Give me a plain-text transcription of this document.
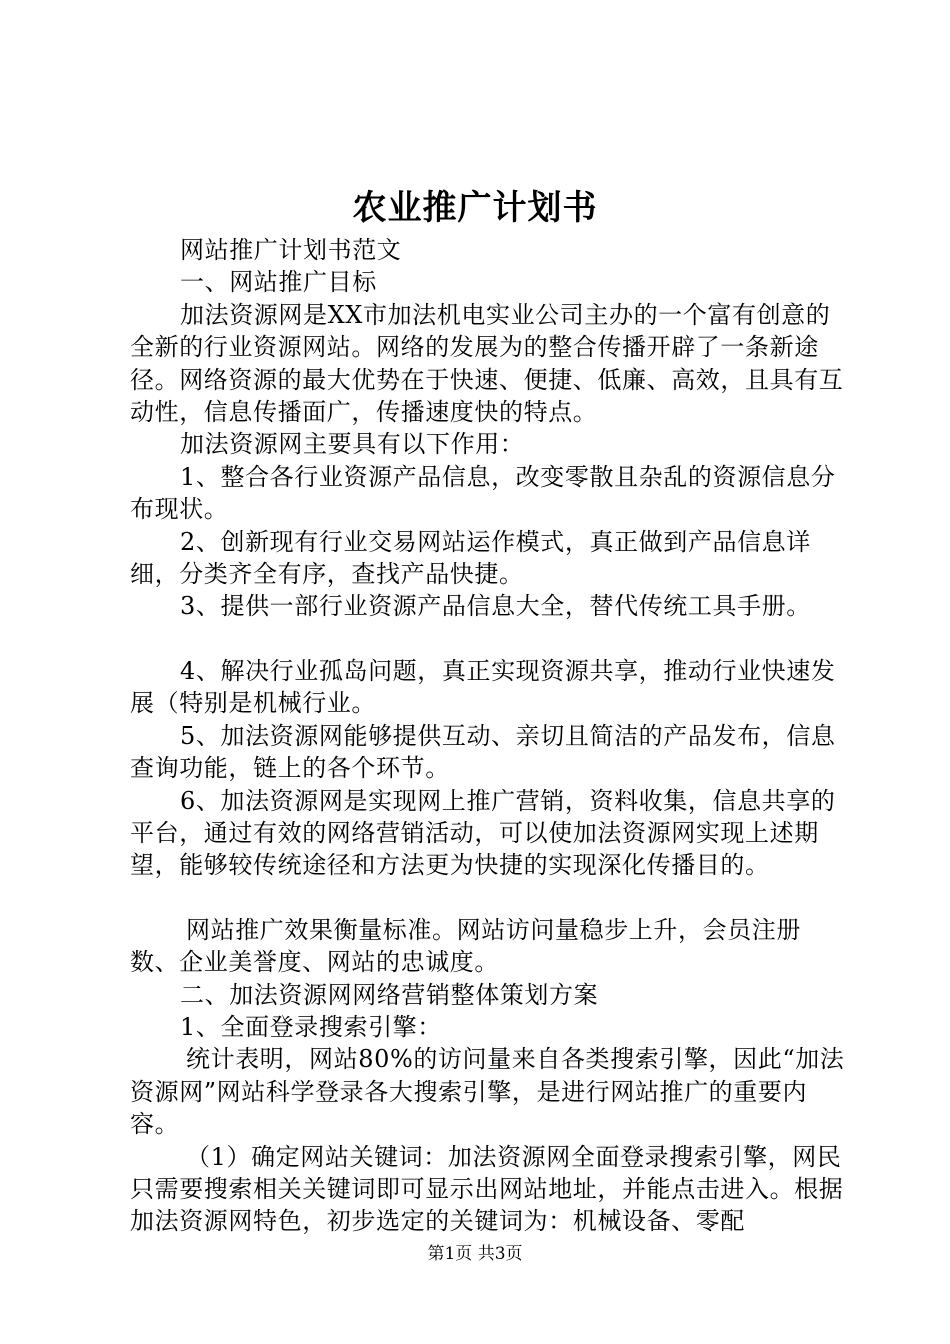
农业推广计划书

网站推广计划书范文

一、网站推广目标

加法资源网是XX市加法机电实业公司主办的一个富有创意的全新的行业资源网站。网络的发展为的整合传播开辟了一条新途径。网络资源的最大优势在于快速、便捷、低廉、高效，且具有互动性，信息传播面广，传播速度快的特点。

加法资源网主要具有以下作用：

1、整合各行业资源产品信息，改变零散且杂乱的资源信息分布现状。

2、创新现有行业交易网站运作模式，真正做到产品信息详细，分类齐全有序，查找产品快捷。

3、提供一部行业资源产品信息大全，替代传统工具手册。

4、解决行业孤岛问题，真正实现资源共享，推动行业快速发展（特别是机械行业。

5、加法资源网能够提供互动、亲切且简洁的产品发布，信息查询功能，链上的各个环节。

6、加法资源网是实现网上推广营销，资料收集，信息共享的平台，通过有效的网络营销活动，可以使加法资源网实现上述期望，能够较传统途径和方法更为快捷的实现深化传播目的。

网站推广效果衡量标准。网站访问量稳步上升，会员注册数、企业美誉度、网站的忠诚度。

二、加法资源网网络营销整体策划方案

1、全面登录搜索引擎：

统计表明，网站80%的访问量来自各类搜索引擎，因此“加法资源网”网站科学登录各大搜索引擎，是进行网站推广的重要内容。

（1）确定网站关键词：加法资源网全面登录搜索引擎，网民只需要搜索相关关键词即可显示出网站地址，并能点击进入。根据加法资源网特色，初步选定的关键词为：机械设备、零配

第1页 共3页
